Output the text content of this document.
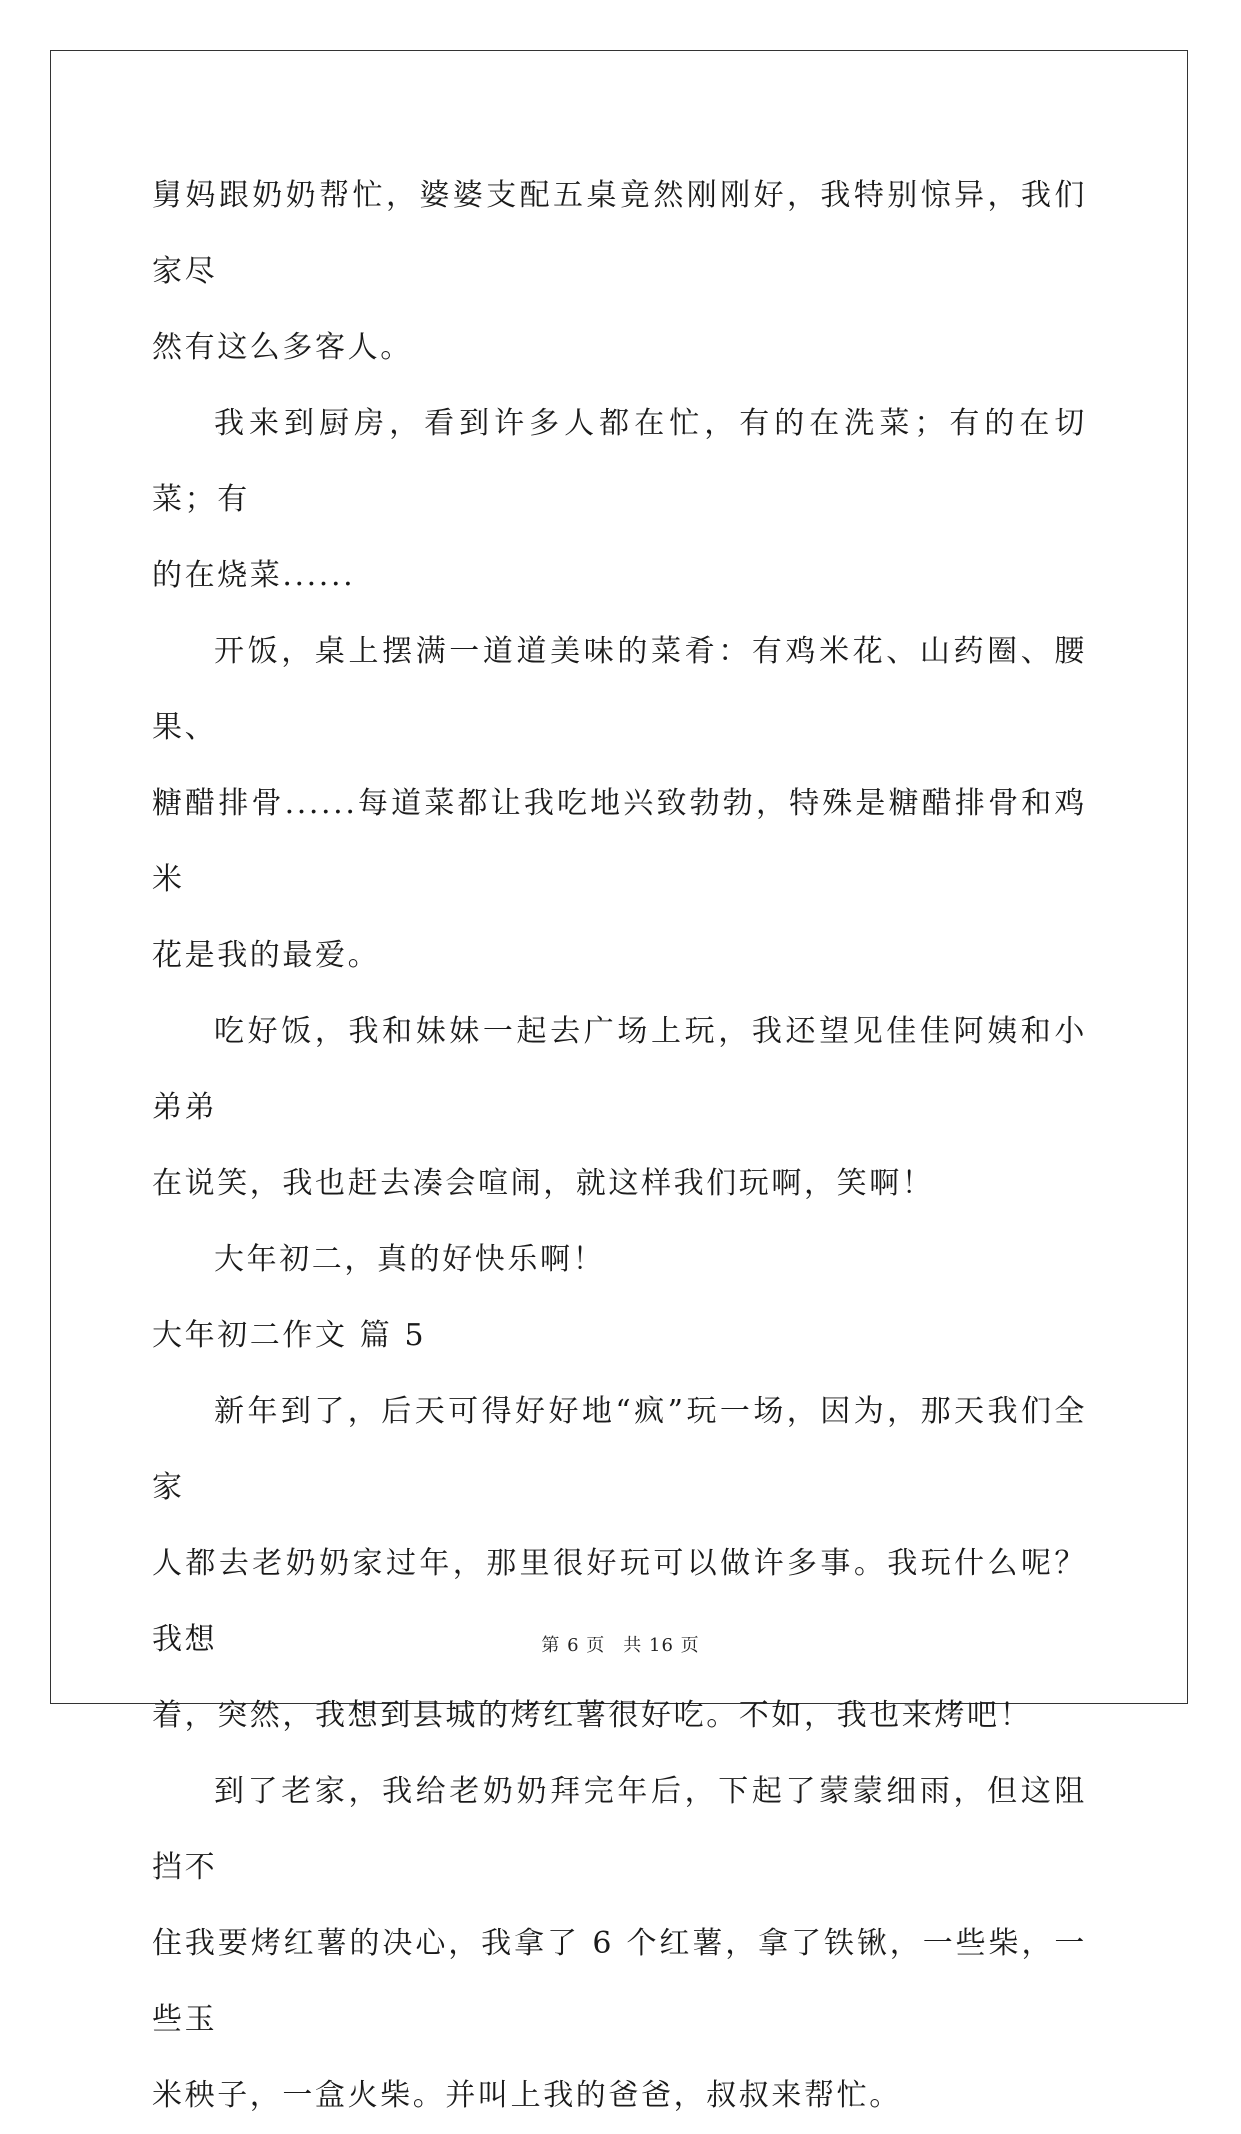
舅妈跟奶奶帮忙，婆婆支配五桌竟然刚刚好，我特别惊异，我们家尽
然有这么多客人。

我来到厨房，看到许多人都在忙，有的在洗菜；有的在切菜；有
的在烧菜......

开饭，桌上摆满一道道美味的菜肴：有鸡米花、山药圈、腰果、
糖醋排骨......每道菜都让我吃地兴致勃勃，特殊是糖醋排骨和鸡米
花是我的最爱。

吃好饭，我和妹妹一起去广场上玩，我还望见佳佳阿姨和小弟弟
在说笑，我也赶去凑会喧闹，就这样我们玩啊，笑啊！

大年初二，真的好快乐啊！

大年初二作文 篇 5

新年到了，后天可得好好地“疯”玩一场，因为，那天我们全家
人都去老奶奶家过年，那里很好玩可以做许多事。我玩什么呢？我想
着，突然，我想到县城的烤红薯很好吃。不如，我也来烤吧！

到了老家，我给老奶奶拜完年后，下起了蒙蒙细雨，但这阻挡不
住我要烤红薯的决心，我拿了 6 个红薯，拿了铁锹，一些柴，一些玉
米秧子，一盒火柴。并叫上我的爸爸，叔叔来帮忙。

第 6 页 共 16 页
